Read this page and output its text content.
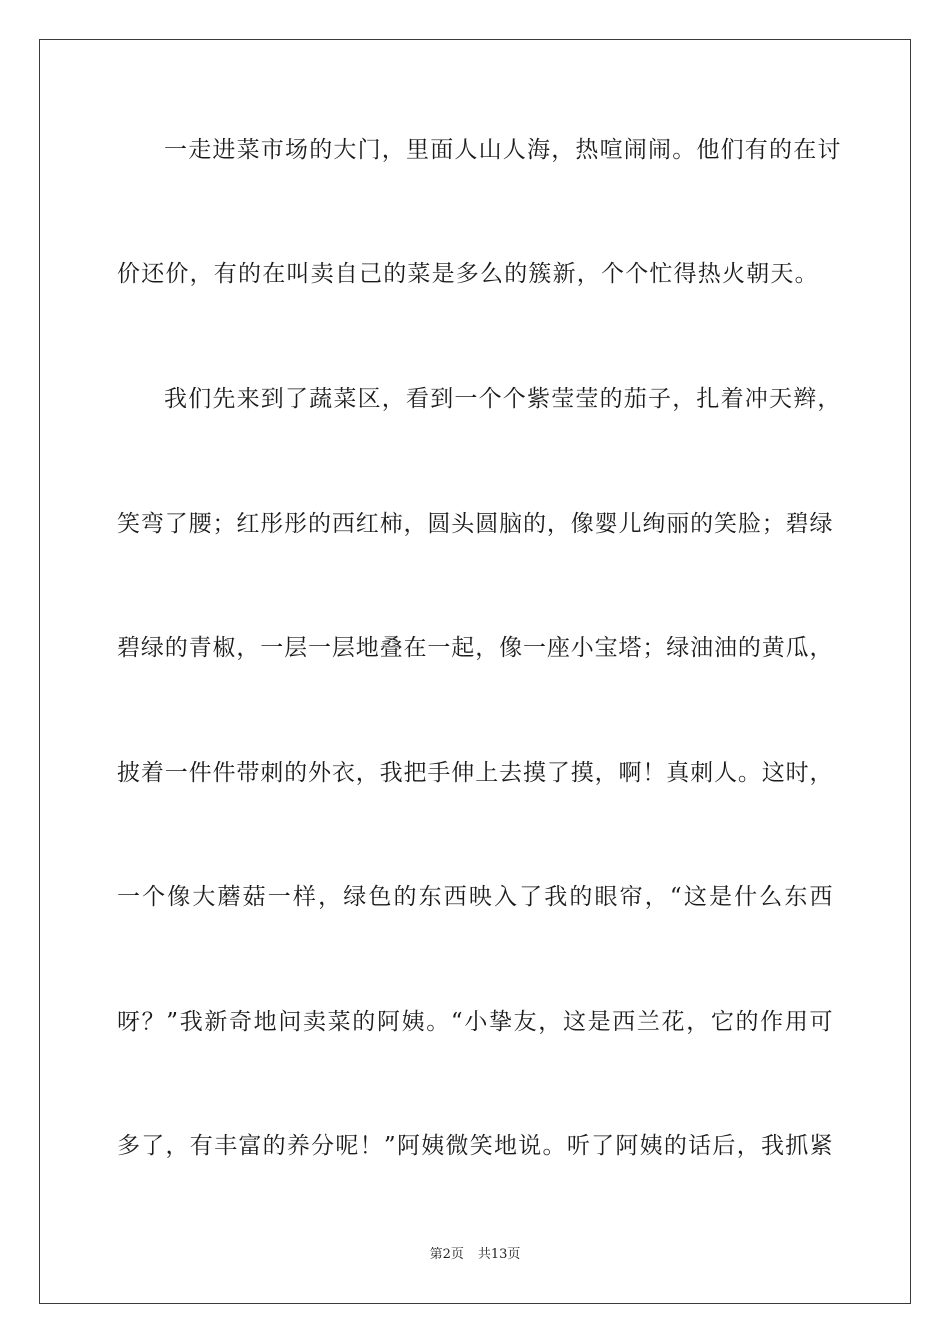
一走进菜市场的大门，里面人山人海，热喧闹闹。他们有的在讨
价还价，有的在叫卖自己的菜是多么的簇新，个个忙得热火朝天。
我们先来到了蔬菜区，看到一个个紫莹莹的茄子，扎着冲天辫，
笑弯了腰；红彤彤的西红柿，圆头圆脑的，像婴儿绚丽的笑脸；碧绿
碧绿的青椒，一层一层地叠在一起，像一座小宝塔；绿油油的黄瓜，
披着一件件带刺的外衣，我把手伸上去摸了摸，啊！真刺人。这时，
一个像大蘑菇一样，绿色的东西映入了我的眼帘，“这是什么东西
呀？”我新奇地问卖菜的阿姨。“小挚友，这是西兰花，它的作用可
多了，有丰富的养分呢！”阿姨微笑地说。听了阿姨的话后，我抓紧
第2页 共13页
